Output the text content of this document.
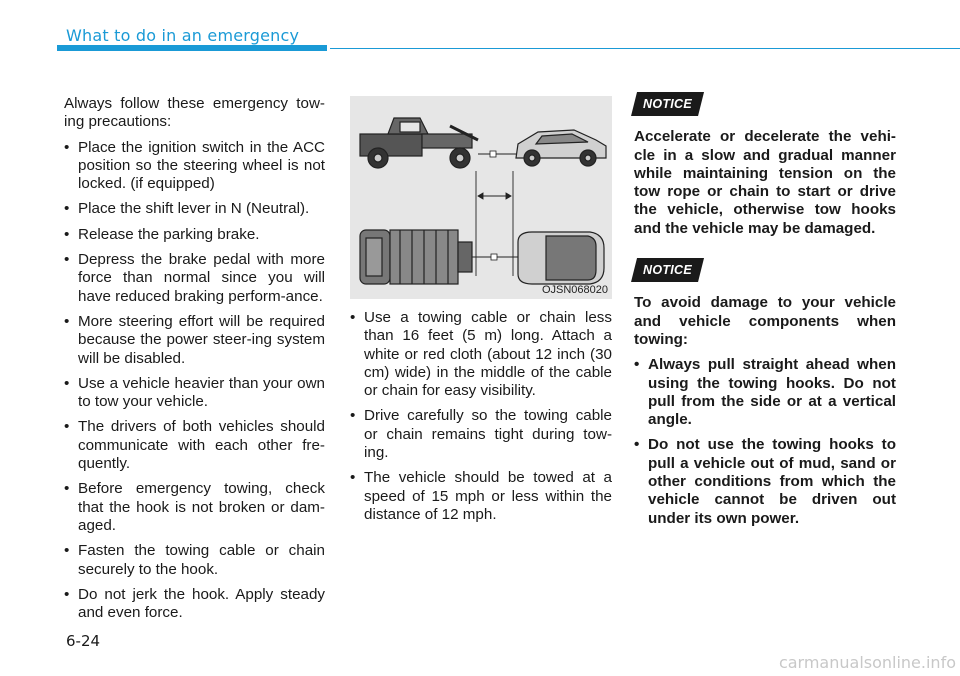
What to do in an emergency

Always follow these emergency tow-ing precautions:

• Place the ignition switch in the ACC position so the steering wheel is not locked. (if equipped)
• Place the shift lever in N (Neutral).
• Release the parking brake.
• Depress the brake pedal with more force than normal since you will have reduced braking perform-ance.
• More steering effort will be required because the power steer-ing system will be disabled.
• Use a vehicle heavier than your own to tow your vehicle.
• The drivers of both vehicles should communicate with each other fre-quently.
• Before emergency towing, check that the hook is not broken or dam-aged.
• Fasten the towing cable or chain securely to the hook.
• Do not jerk the hook. Apply steady and even force.
OJSN068020
• Use a towing cable or chain less than 16 feet (5 m) long. Attach a white or red cloth (about 12 inch (30 cm) wide) in the middle of the cable or chain for easy visibility.
• Drive carefully so the towing cable or chain remains tight during tow-ing.
• The vehicle should be towed at a speed of 15 mph or less within the distance of 12 mph.
NOTICE

Accelerate or decelerate the vehi-cle in a slow and gradual manner while maintaining tension on the tow rope or chain to start or drive the vehicle, otherwise tow hooks and the vehicle may be damaged.

NOTICE

To avoid damage to your vehicle and vehicle components when towing:

• Always pull straight ahead when using the towing hooks. Do not pull from the side or at a vertical angle.
• Do not use the towing hooks to pull a vehicle out of mud, sand or other conditions from which the vehicle cannot be driven out under its own power.
6-24
carmanualsonline.info
